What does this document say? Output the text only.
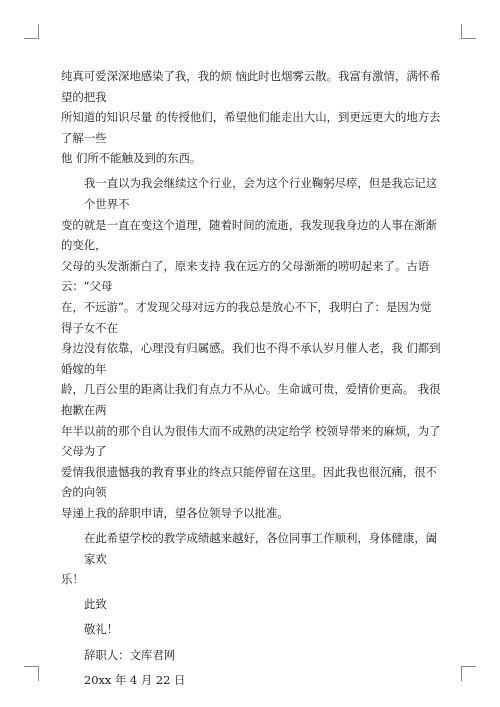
纯真可爱深深地感染了我，我的烦 恼此时也烟雾云散。我富有激情，满怀希望的把我
所知道的知识尽量 的传授他们，希望他们能走出大山，到更远更大的地方去了解一些
他 们所不能触及到的东西。

我一直以为我会继续这个行业，会为这个行业鞠躬尽瘁，但是我忘记这个世界不
变的就是一直在变这个道理，随着时间的流逝，我发现我身边的人事在渐渐的变化，
父母的头发渐渐白了，原来支持 我在远方的父母渐渐的唠叨起来了。古语云：“父母
在，不远游”。才发现父母对远方的我总是放心不下，我明白了：是因为觉得子女不在
身边没有依靠，心理没有归属感。我们也不得不承认岁月催人老，我 们都到婚嫁的年
龄，几百公里的距离让我们有点力不从心。生命诚可贵，爱情价更高。 我很抱歉在两
年半以前的那个自认为很伟大而不成熟的决定给学 校领导带来的麻烦，为了父母为了
爱情我很遗憾我的教育事业的终点只能停留在这里。因此我也很沉痛，很不舍的向领
导递上我的辞职申请，望各位领导予以批准。

在此希望学校的教学成绩越来越好，各位同事工作顺利，身体健康，阖家欢
乐！

此致
敬礼！
辞职人：文库君网
20xx 年 4 月 22 日
